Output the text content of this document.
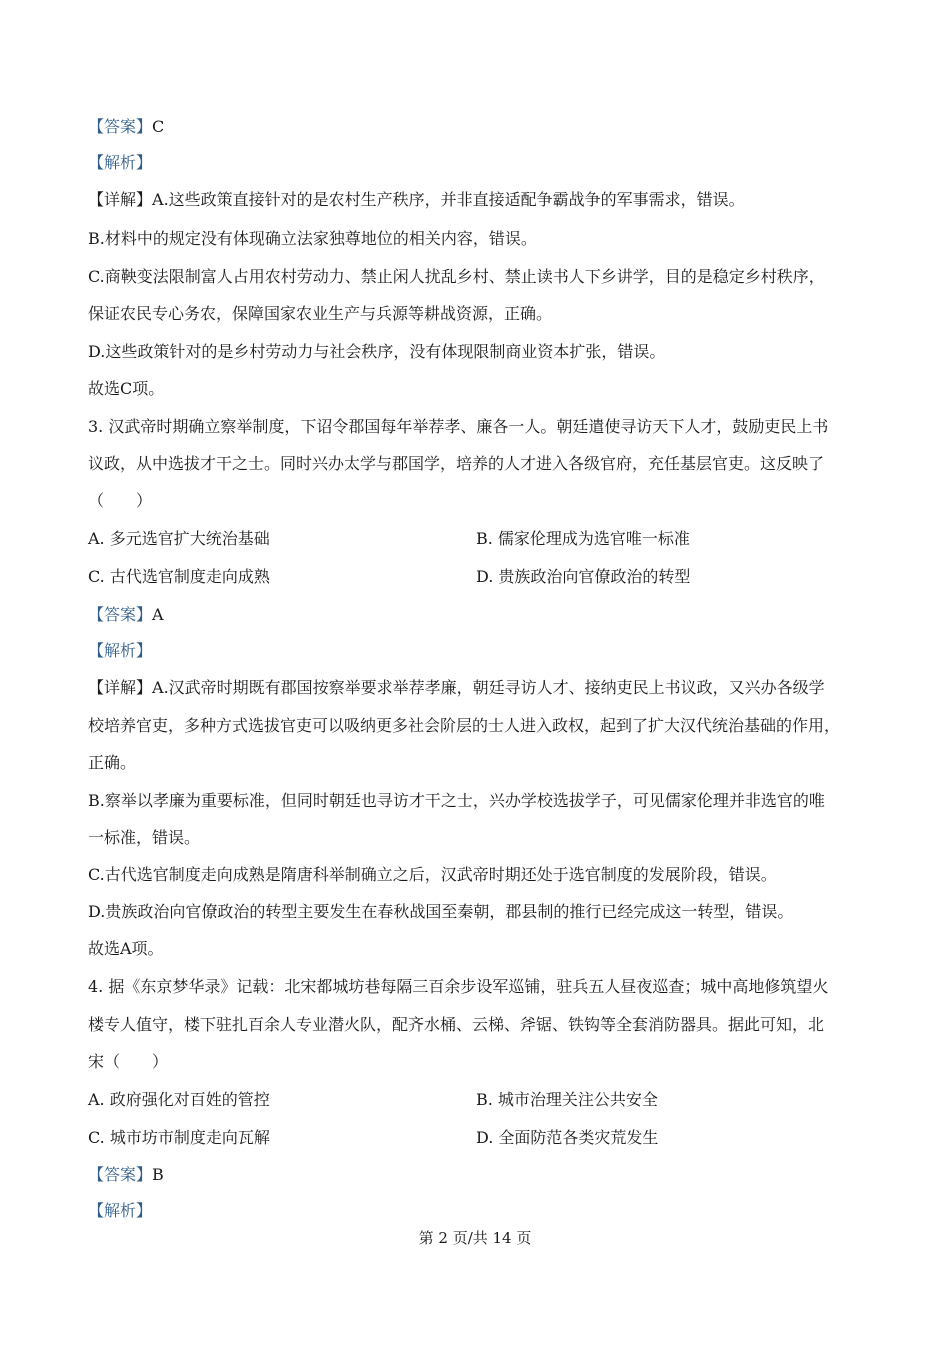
【答案】C
【解析】
【详解】A.这些政策直接针对的是农村生产秩序，并非直接适配争霸战争的军事需求，错误。
B.材料中的规定没有体现确立法家独尊地位的相关内容，错误。
C.商鞅变法限制富人占用农村劳动力、禁止闲人扰乱乡村、禁止读书人下乡讲学，目的是稳定乡村秩序，
保证农民专心务农，保障国家农业生产与兵源等耕战资源，正确。
D.这些政策针对的是乡村劳动力与社会秩序，没有体现限制商业资本扩张，错误。
故选C项。
3. 汉武帝时期确立察举制度，下诏令郡国每年举荐孝、廉各一人。朝廷遣使寻访天下人才，鼓励吏民上书
议政，从中选拔才干之士。同时兴办太学与郡国学，培养的人才进入各级官府，充任基层官吏。这反映了
（　　）
A. 多元选官扩大统治基础	B. 儒家伦理成为选官唯一标准
C. 古代选官制度走向成熟	D. 贵族政治向官僚政治的转型
【答案】A
【解析】
【详解】A.汉武帝时期既有郡国按察举要求举荐孝廉，朝廷寻访人才、接纳吏民上书议政，又兴办各级学
校培养官吏，多种方式选拔官吏可以吸纳更多社会阶层的士人进入政权，起到了扩大汉代统治基础的作用，
正确。
B.察举以孝廉为重要标准，但同时朝廷也寻访才干之士，兴办学校选拔学子，可见儒家伦理并非选官的唯
一标准，错误。
C.古代选官制度走向成熟是隋唐科举制确立之后，汉武帝时期还处于选官制度的发展阶段，错误。
D.贵族政治向官僚政治的转型主要发生在春秋战国至秦朝，郡县制的推行已经完成这一转型，错误。
故选A项。
4. 据《东京梦华录》记载：北宋都城坊巷每隔三百余步设军巡铺，驻兵五人昼夜巡查；城中高地修筑望火
楼专人值守，楼下驻扎百余人专业潜火队，配齐水桶、云梯、斧锯、铁钩等全套消防器具。据此可知，北
宋（　　）
A. 政府强化对百姓的管控	B. 城市治理关注公共安全
C. 城市坊市制度走向瓦解	D. 全面防范各类灾荒发生
【答案】B
【解析】
第 2 页/共 14 页
